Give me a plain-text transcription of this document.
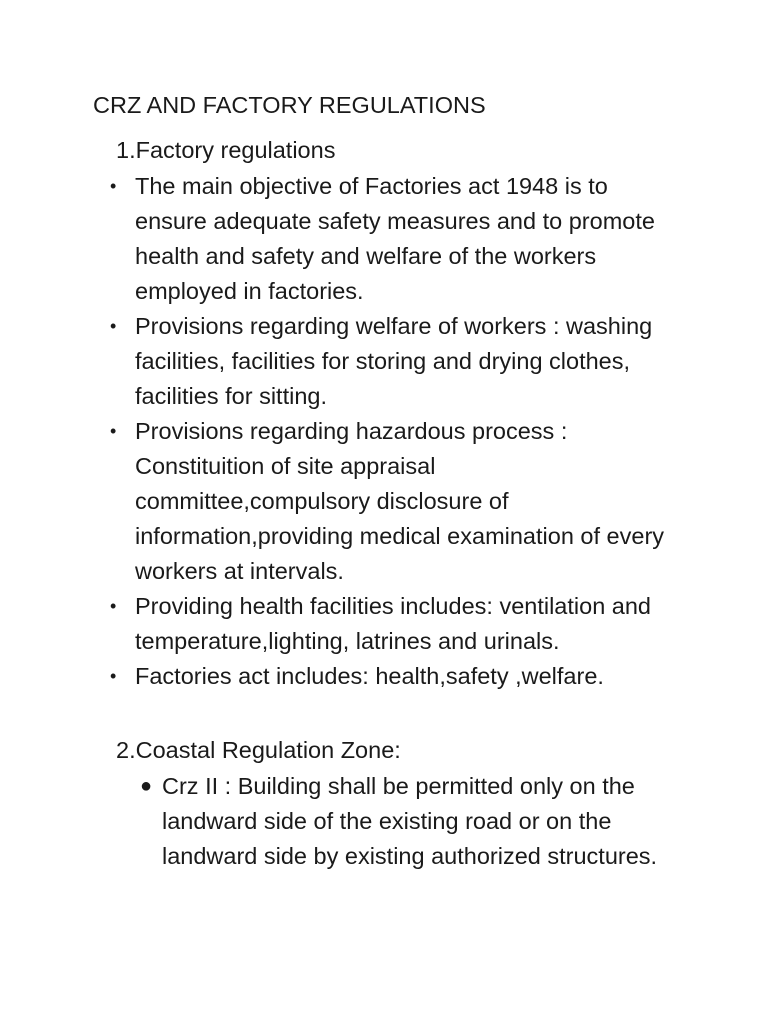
CRZ AND FACTORY REGULATIONS
1.Factory regulations
• The main objective of Factories act 1948 is to ensure adequate safety measures and to promote health and safety and welfare of the workers employed in factories.
• Provisions regarding welfare of workers : washing facilities, facilities for storing and drying clothes, facilities for sitting.
• Provisions regarding hazardous process : Constituition of site appraisal committee,compulsory disclosure of information,providing medical examination of every workers at intervals.
• Providing health facilities includes: ventilation and temperature,lighting, latrines and urinals.
• Factories act includes: health,safety ,welfare.
2.Coastal Regulation Zone:
● Crz II : Building shall be permitted only on the landward side of the existing road or on the landward side by existing authorized structures.
